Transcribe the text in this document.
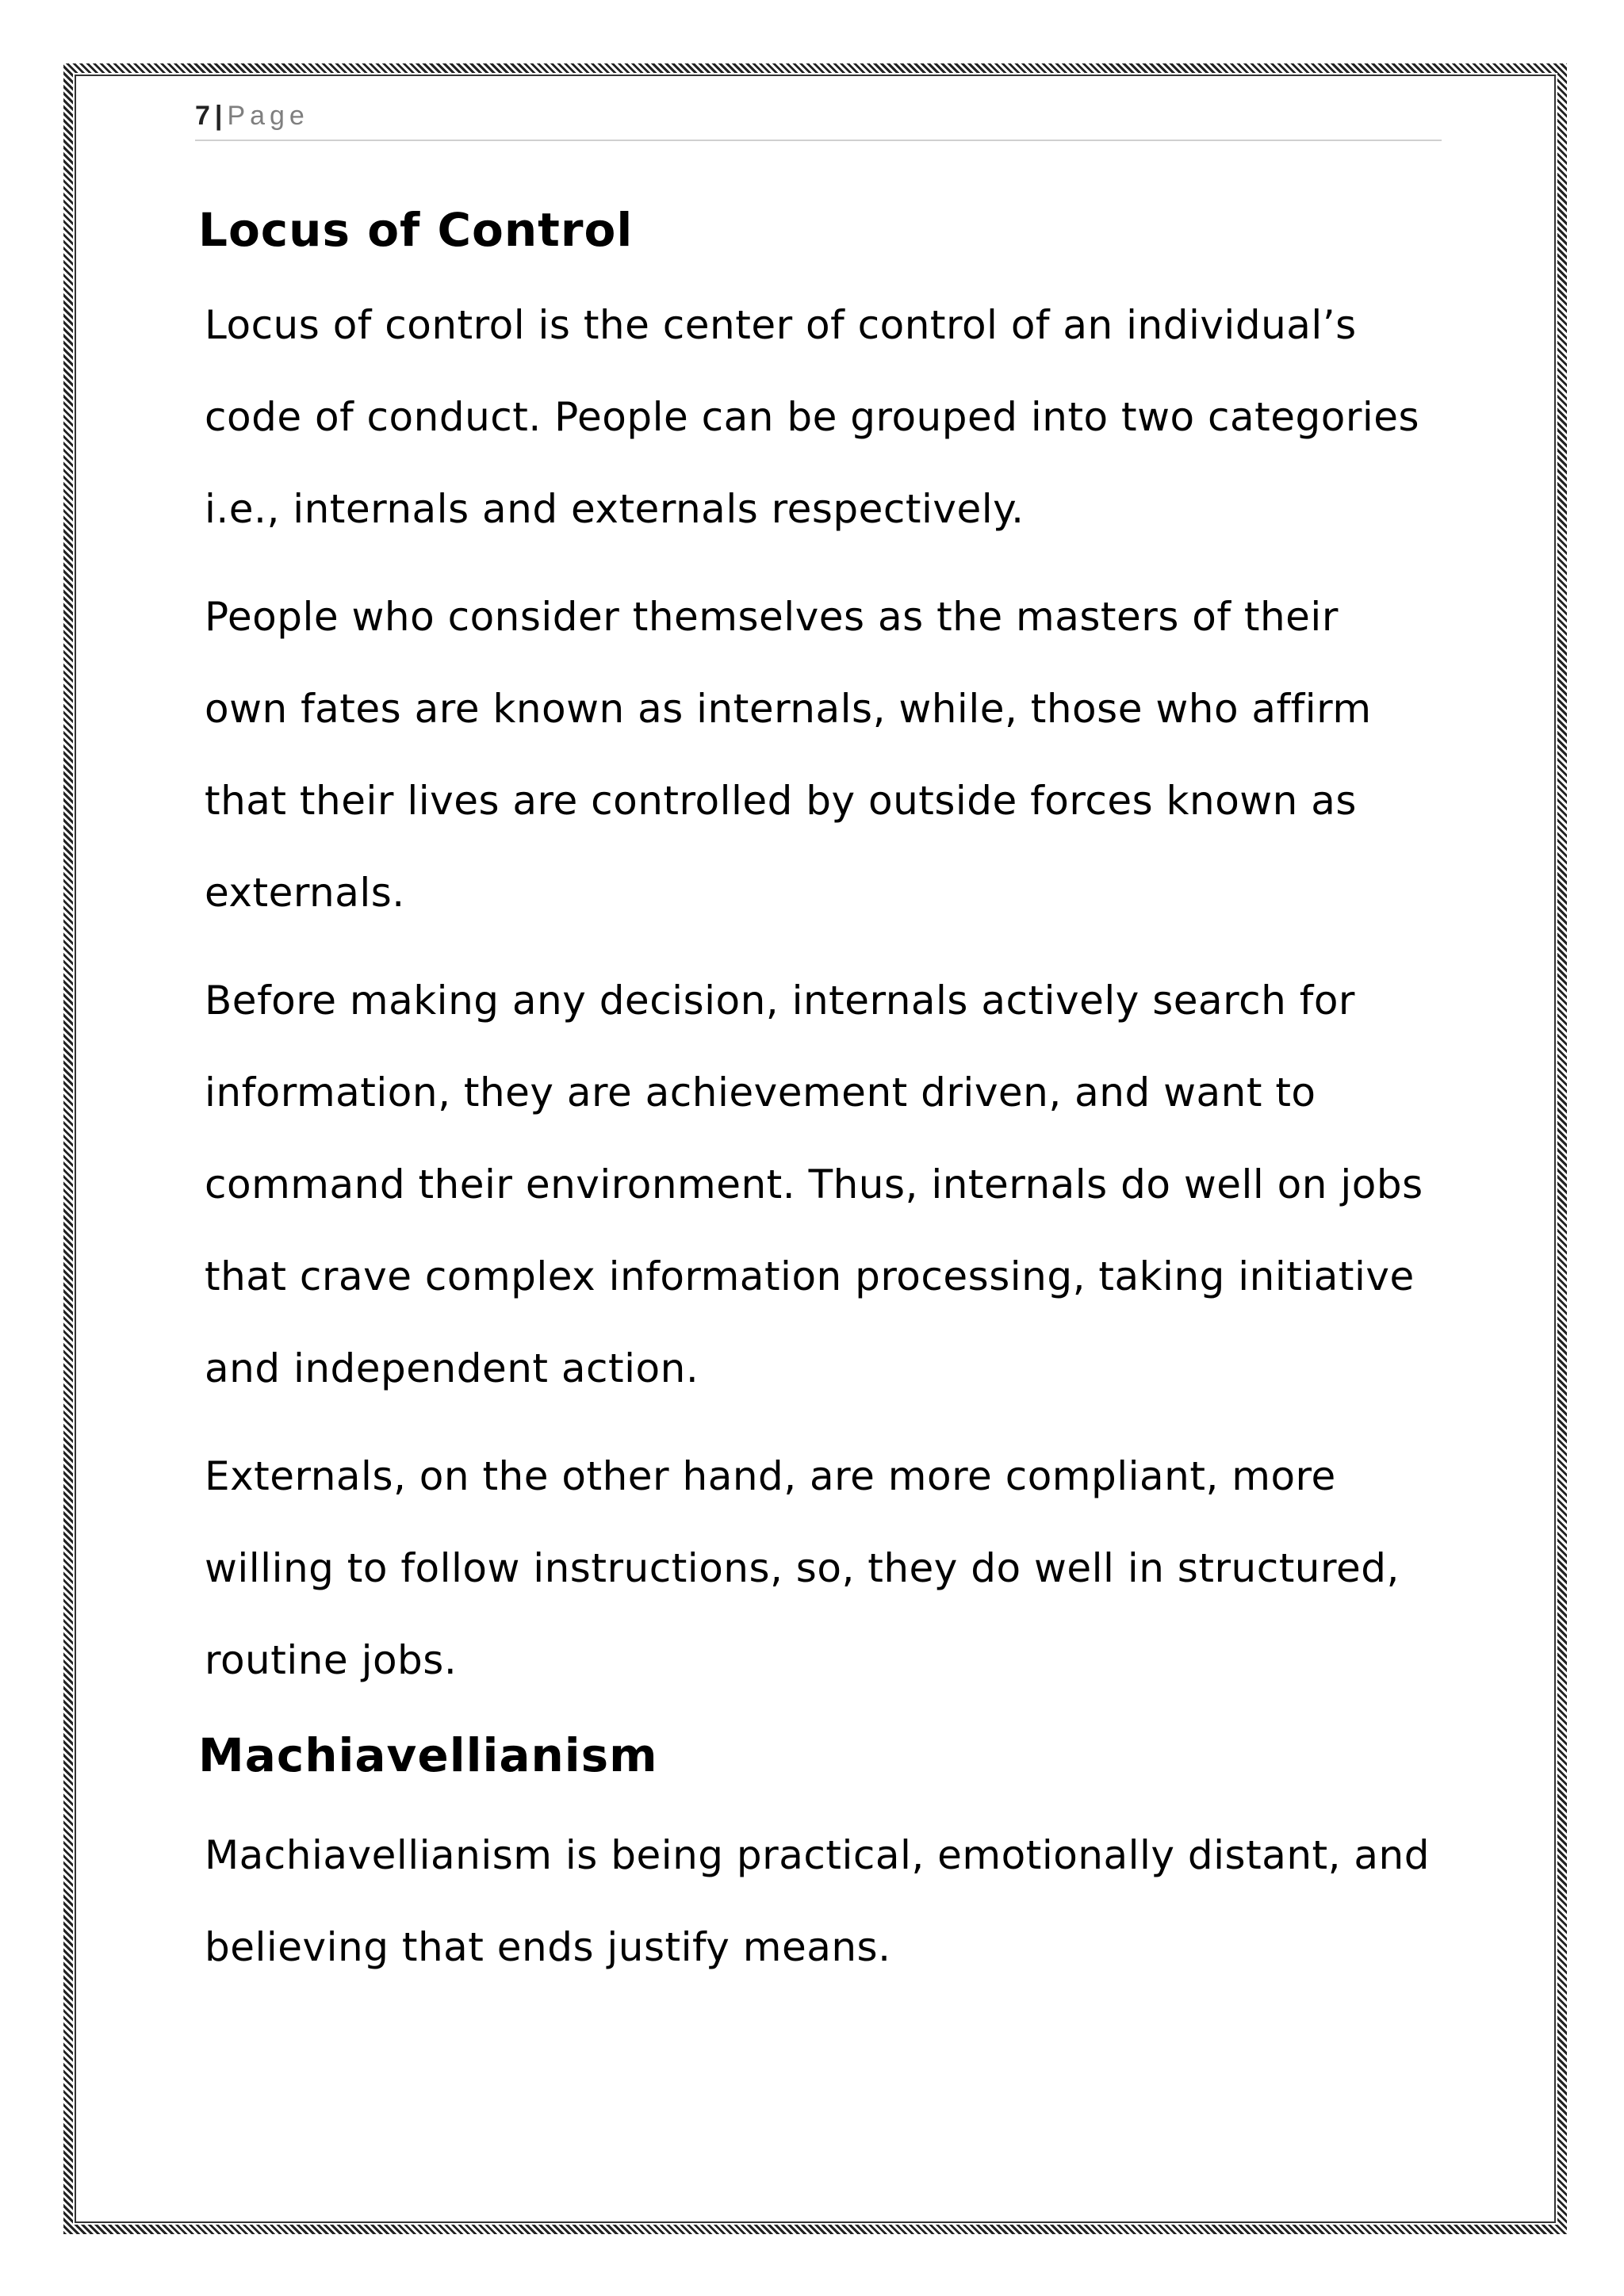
7 | Page
Locus of Control

Locus of control is the center of control of an individual’s
code of conduct. People can be grouped into two categories
i.e., internals and externals respectively.

People who consider themselves as the masters of their
own fates are known as internals, while, those who affirm
that their lives are controlled by outside forces known as
externals.

Before making any decision, internals actively search for
information, they are achievement driven, and want to
command their environment. Thus, internals do well on jobs
that crave complex information processing, taking initiative
and independent action.

Externals, on the other hand, are more compliant, more
willing to follow instructions, so, they do well in structured,
routine jobs.

Machiavellianism

Machiavellianism is being practical, emotionally distant, and
believing that ends justify means.
